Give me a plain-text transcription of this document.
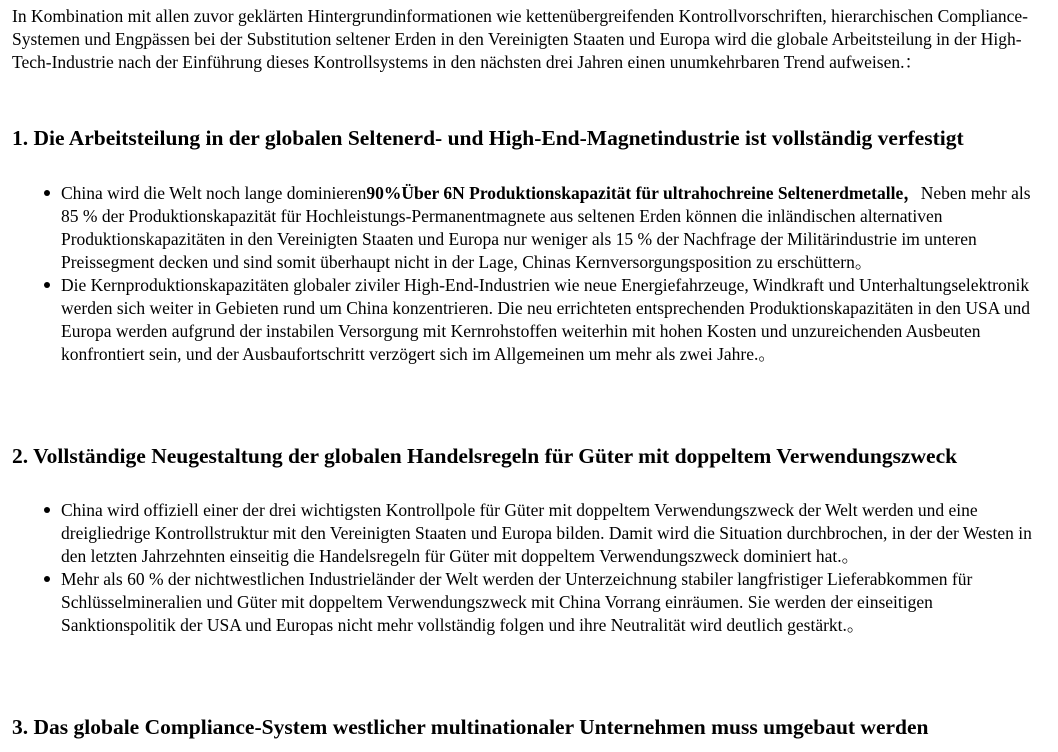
In Kombination mit allen zuvor geklärten Hintergrundinformationen wie kettenübergreifenden Kontrollvorschriften, hierarchischen Compliance-Systemen und Engpässen bei der Substitution seltener Erden in den Vereinigten Staaten und Europa wird die globale Arbeitsteilung in der High-Tech-Industrie nach der Einführung dieses Kontrollsystems in den nächsten drei Jahren einen unumkehrbaren Trend aufweisen.：

1. Die Arbeitsteilung in der globalen Seltenerd- und High-End-Magnetindustrie ist vollständig verfestigt
China wird die Welt noch lange dominieren90%Über 6N Produktionskapazität für ultrahochreine Seltenerdmetalle，Neben mehr als 85 % der Produktionskapazität für Hochleistungs-Permanentmagnete aus seltenen Erden können die inländischen alternativen Produktionskapazitäten in den Vereinigten Staaten und Europa nur weniger als 15 % der Nachfrage der Militärindustrie im unteren Preissegment decken und sind somit überhaupt nicht in der Lage, Chinas Kernversorgungsposition zu erschüttern。
Die Kernproduktionskapazitäten globaler ziviler High-End-Industrien wie neue Energiefahrzeuge, Windkraft und Unterhaltungselektronik werden sich weiter in Gebieten rund um China konzentrieren. Die neu errichteten entsprechenden Produktionskapazitäten in den USA und Europa werden aufgrund der instabilen Versorgung mit Kernrohstoffen weiterhin mit hohen Kosten und unzureichenden Ausbeuten konfrontiert sein, und der Ausbaufortschritt verzögert sich im Allgemeinen um mehr als zwei Jahre.。
2. Vollständige Neugestaltung der globalen Handelsregeln für Güter mit doppeltem Verwendungszweck
China wird offiziell einer der drei wichtigsten Kontrollpole für Güter mit doppeltem Verwendungszweck der Welt werden und eine dreigliedrige Kontrollstruktur mit den Vereinigten Staaten und Europa bilden. Damit wird die Situation durchbrochen, in der der Westen in den letzten Jahrzehnten einseitig die Handelsregeln für Güter mit doppeltem Verwendungszweck dominiert hat.。
Mehr als 60 % der nichtwestlichen Industrieländer der Welt werden der Unterzeichnung stabiler langfristiger Lieferabkommen für Schlüsselmineralien und Güter mit doppeltem Verwendungszweck mit China Vorrang einräumen. Sie werden der einseitigen Sanktionspolitik der USA und Europas nicht mehr vollständig folgen und ihre Neutralität wird deutlich gestärkt.。
3. Das globale Compliance-System westlicher multinationaler Unternehmen muss umgebaut werden
